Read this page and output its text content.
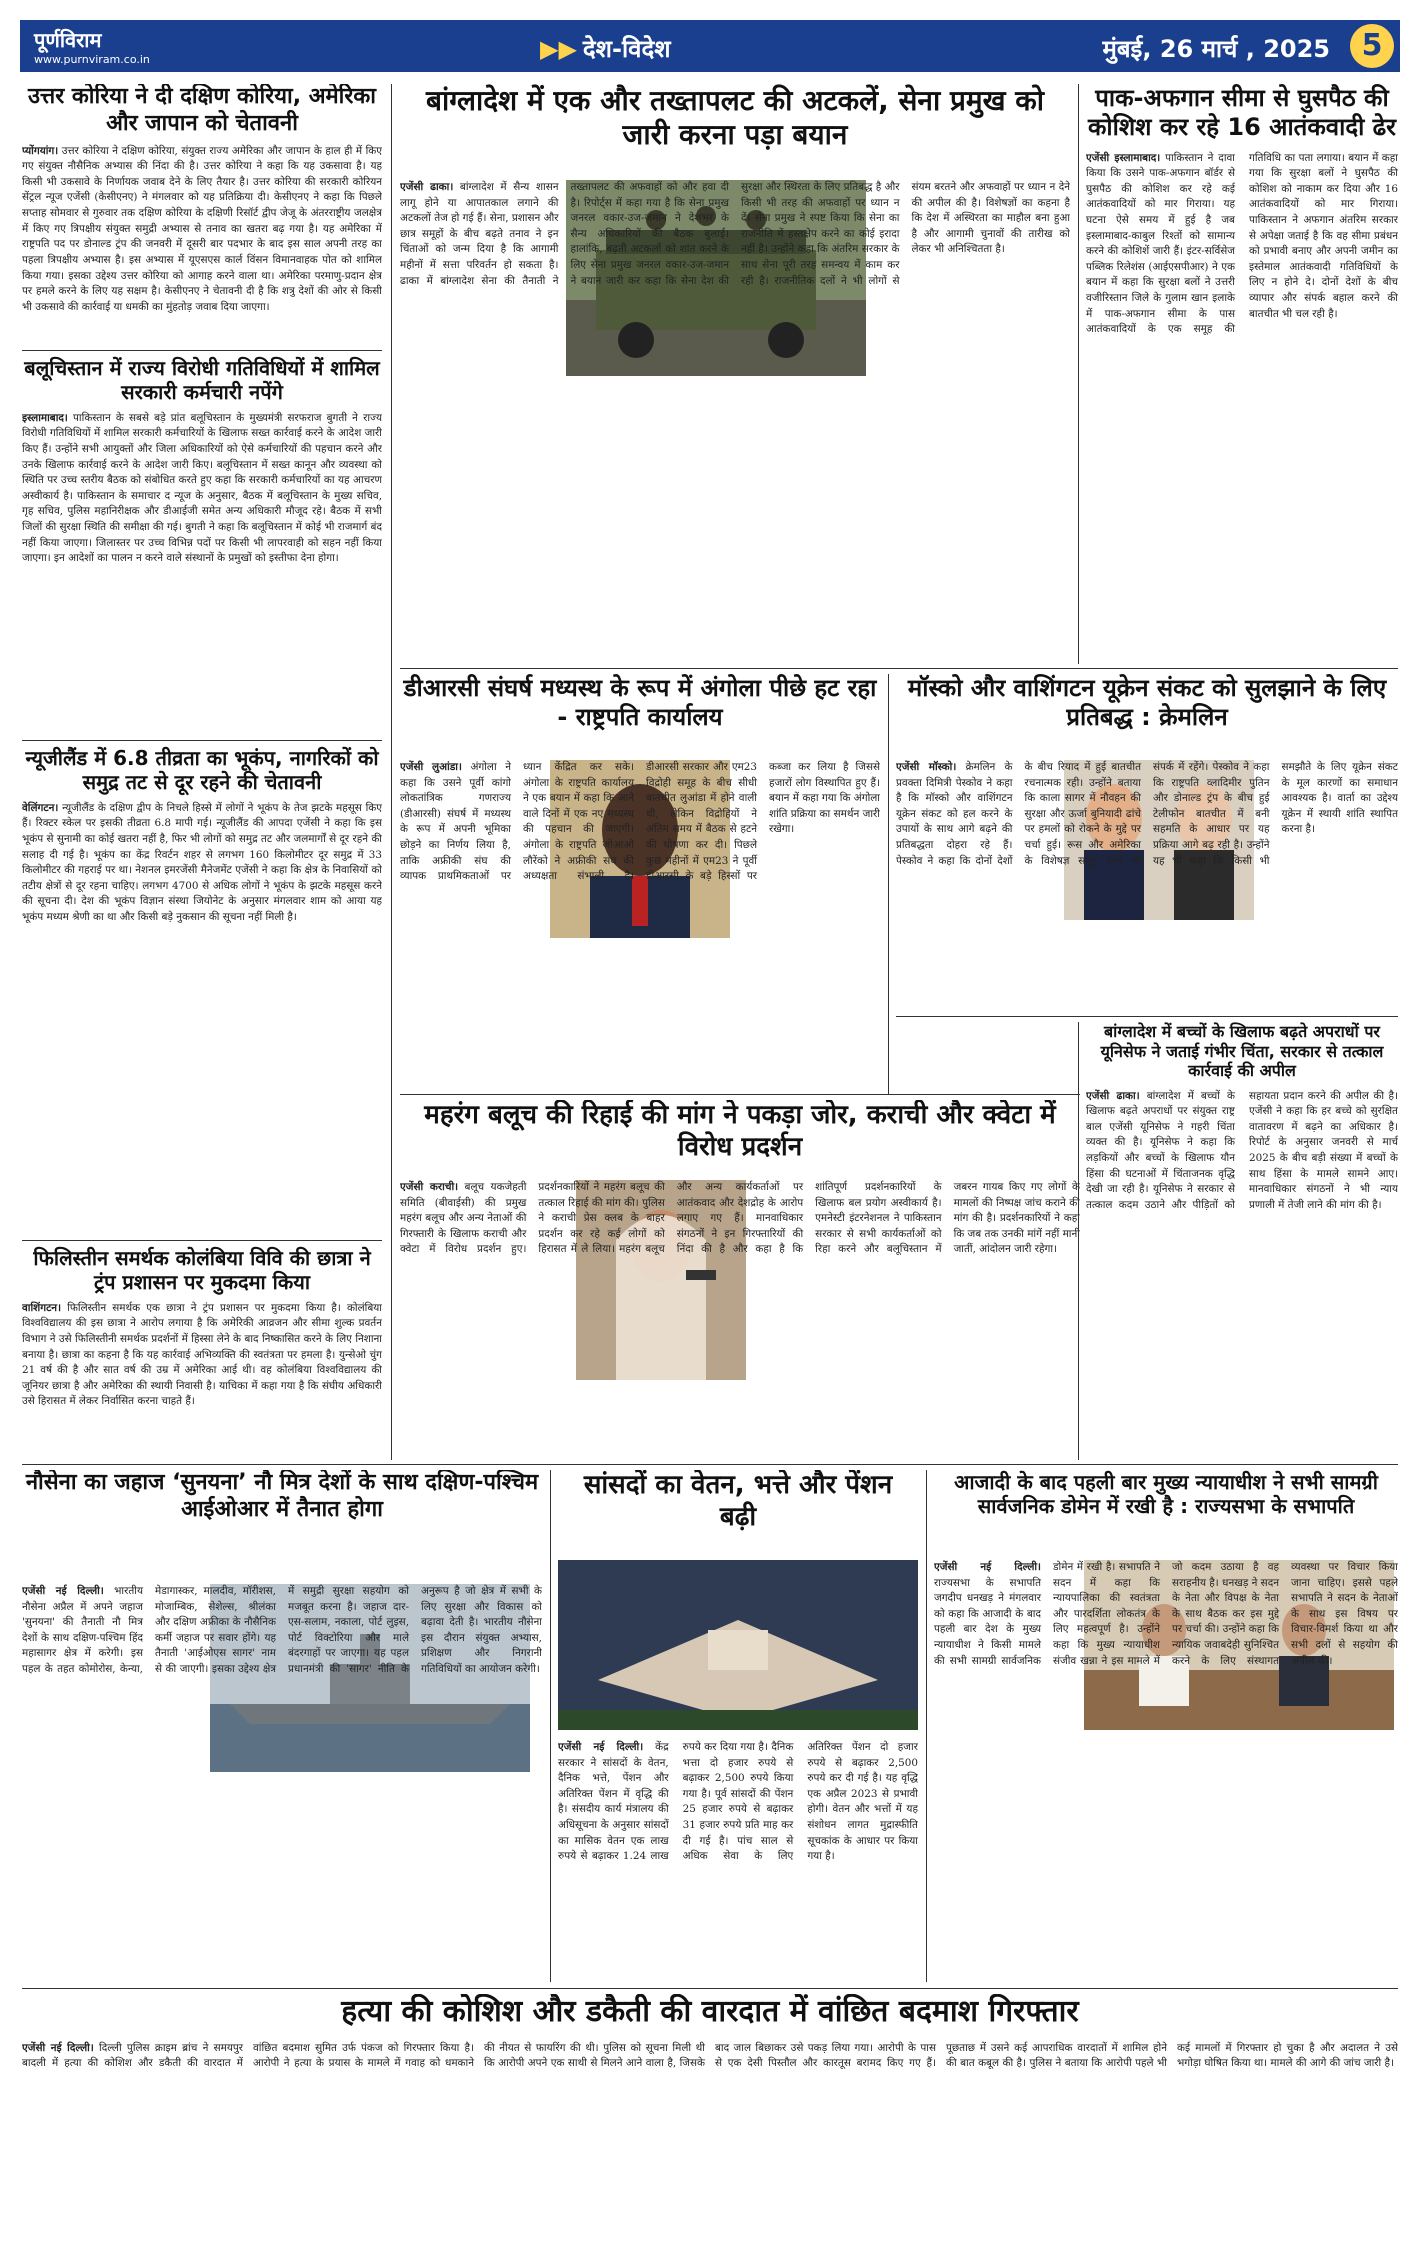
पूर्णविराम
www.purnviram.co.in	▶▶ देश-विदेश	मुंबई, 26 मार्च , 2025	5
उत्तर कोरिया ने दी दक्षिण कोरिया, अमेरिका और जापान को चेतावनी
प्योंगयांग। उत्तर कोरिया ने दक्षिण कोरिया, संयुक्त राज्य अमेरिका और जापान के हाल ही में किए गए संयुक्त नौसैनिक अभ्यास की निंदा की है। उत्तर कोरिया ने कहा कि यह उकसावा है। यह किसी भी उकसावे के निर्णायक जवाब देने के लिए तैयार है। उत्तर कोरिया की सरकारी कोरियन सेंट्रल न्यूज एजेंसी (केसीएनए) ने मंगलवार को यह प्रतिक्रिया दी। केसीएनए ने कहा कि पिछले सप्ताह सोमवार से गुरुवार तक दक्षिण कोरिया के दक्षिणी रिसॉर्ट द्वीप जेजू के अंतरराष्ट्रीय जलक्षेत्र में किए गए त्रिपक्षीय संयुक्त समुद्री अभ्यास से तनाव का खतरा बढ़ गया है। यह अमेरिका में राष्ट्रपति पद पर डोनाल्ड ट्रंप की जनवरी में दूसरी बार पदभार के बाद इस साल अपनी तरह का पहला त्रिपक्षीय अभ्यास है। इस अभ्यास में यूएसएस कार्ल विंसन विमानवाहक पोत को शामिल किया गया। इसका उद्देश्य उत्तर कोरिया को आगाह करने वाला था। अमेरिका परमाणु-प्रदान क्षेत्र पर हमले करने के लिए यह सक्षम है। केसीएनए ने चेतावनी दी है कि शत्रु देशों की ओर से किसी भी उकसावे की कार्रवाई या धमकी का मुंहतोड़ जवाब दिया जाएगा।
बलूचिस्तान में राज्य विरोधी गतिविधियों में शामिल सरकारी कर्मचारी नपेंगे
इस्लामाबाद। पाकिस्तान के सबसे बड़े प्रांत बलूचिस्तान के मुख्यमंत्री सरफराज बुगती ने राज्य विरोधी गतिविधियों में शामिल सरकारी कर्मचारियों के खिलाफ सख्त कार्रवाई करने के आदेश जारी किए हैं। उन्होंने सभी आयुक्तों और जिला अधिकारियों को ऐसे कर्मचारियों की पहचान करने और उनके खिलाफ कार्रवाई करने के आदेश जारी किए। बलूचिस्तान में सख्त कानून और व्यवस्था को स्थिति पर उच्च स्तरीय बैठक को संबोधित करते हुए कहा कि सरकारी कर्मचारियों का यह आचरण अस्वीकार्य है। पाकिस्तान के समाचार द न्यूज के अनुसार, बैठक में बलूचिस्तान के मुख्य सचिव, गृह सचिव, पुलिस महानिरीक्षक और डीआईजी समेत अन्य अधिकारी मौजूद रहे। बैठक में सभी जिलों की सुरक्षा स्थिति की समीक्षा की गई। बुगती ने कहा कि बलूचिस्तान में कोई भी राजमार्ग बंद नहीं किया जाएगा। जिलास्तर पर उच्च विभिन्न पदों पर किसी भी लापरवाही को सहन नहीं किया जाएगा। इन आदेशों का पालन न करने वाले संस्थानों के प्रमुखों को इस्तीफा देना होगा।
न्यूजीलैंड में 6.8 तीव्रता का भूकंप, नागरिकों को समुद्र तट से दूर रहने की चेतावनी
वेलिंगटन। न्यूजीलैंड के दक्षिण द्वीप के निचले हिस्से में लोगों ने भूकंप के तेज झटके महसूस किए हैं। रिक्टर स्केल पर इसकी तीव्रता 6.8 मापी गई। न्यूजीलैंड की आपदा एजेंसी ने कहा कि इस भूकंप से सुनामी का कोई खतरा नहीं है, फिर भी लोगों को समुद्र तट और जलमार्गों से दूर रहने की सलाह दी गई है। भूकंप का केंद्र रिवर्टन शहर से लगभग 160 किलोमीटर दूर समुद्र में 33 किलोमीटर की गहराई पर था। नेशनल इमरजेंसी मैनेजमेंट एजेंसी ने कहा कि क्षेत्र के निवासियों को तटीय क्षेत्रों से दूर रहना चाहिए। लगभग 4700 से अधिक लोगों ने भूकंप के झटके महसूस करने की सूचना दी। देश की भूकंप विज्ञान संस्था जियोनेट के अनुसार मंगलवार शाम को आया यह भूकंप मध्यम श्रेणी का था और किसी बड़े नुकसान की सूचना नहीं मिली है।
फिलिस्तीन समर्थक कोलंबिया विवि की छात्रा ने ट्रंप प्रशासन पर मुकदमा किया
वाशिंगटन। फिलिस्तीन समर्थक एक छात्रा ने ट्रंप प्रशासन पर मुकदमा किया है। कोलंबिया विश्वविद्यालय की इस छात्रा ने आरोप लगाया है कि अमेरिकी आव्रजन और सीमा शुल्क प्रवर्तन विभाग ने उसे फिलिस्तीनी समर्थक प्रदर्शनों में हिस्सा लेने के बाद निष्कासित करने के लिए निशाना बनाया है। छात्रा का कहना है कि यह कार्रवाई अभिव्यक्ति की स्वतंत्रता पर हमला है। युन्सेओ चुंग 21 वर्ष की है और सात वर्ष की उम्र में अमेरिका आई थी। वह कोलंबिया विश्वविद्यालय की जूनियर छात्रा है और अमेरिका की स्थायी निवासी है। याचिका में कहा गया है कि संघीय अधिकारी उसे हिरासत में लेकर निर्वासित करना चाहते हैं।
बांग्लादेश में एक और तख्तापलट की अटकलें, सेना प्रमुख को जारी करना पड़ा बयान
एजेंसी ढाका। बांग्लादेश में सैन्य शासन लागू होने या आपातकाल लगाने की अटकलों तेज हो गई हैं। सेना, प्रशासन और छात्र समूहों के बीच बढ़ते तनाव ने इन चिंताओं को जन्म दिया है कि आगामी महीनों में सत्ता परिवर्तन हो सकता है। ढाका में बांग्लादेश सेना की तैनाती ने तख्तापलट की अफवाहों को और हवा दी है। रिपोर्ट्स में कहा गया है कि सेना प्रमुख जनरल वकार-उज-जमान ने देशभर के सैन्य अधिकारियों की बैठक बुलाई। हालांकि, बढ़ती अटकलों को शांत करने के लिए सेना प्रमुख जनरल वकार-उज-जमान ने बयान जारी कर कहा कि सेना देश की सुरक्षा और स्थिरता के लिए प्रतिबद्ध है और किसी भी तरह की अफवाहों पर ध्यान न दें। सेना प्रमुख ने स्पष्ट किया कि सेना का राजनीति में हस्तक्षेप करने का कोई इरादा नहीं है। उन्होंने कहा कि अंतरिम सरकार के साथ सेना पूरी तरह समन्वय में काम कर रही है। राजनीतिक दलों ने भी लोगों से संयम बरतने और अफवाहों पर ध्यान न देने की अपील की है। विशेषज्ञों का कहना है कि देश में अस्थिरता का माहौल बना हुआ है और आगामी चुनावों की तारीख को लेकर भी अनिश्चितता है।
पाक-अफगान सीमा से घुसपैठ की कोशिश कर रहे 16 आतंकवादी ढेर
एजेंसी इस्लामाबाद। पाकिस्तान ने दावा किया कि उसने पाक-अफगान बॉर्डर से घुसपैठ की कोशिश कर रहे कई आतंकवादियों को मार गिराया। यह घटना ऐसे समय में हुई है जब इस्लामाबाद-काबुल रिश्तों को सामान्य करने की कोशिशें जारी हैं। इंटर-सर्विसेज पब्लिक रिलेशंस (आईएसपीआर) ने एक बयान में कहा कि सुरक्षा बलों ने उत्तरी वजीरिस्तान जिले के गुलाम खान इलाके में पाक-अफगान सीमा के पास आतंकवादियों के एक समूह की गतिविधि का पता लगाया। बयान में कहा गया कि सुरक्षा बलों ने घुसपैठ की कोशिश को नाकाम कर दिया और 16 आतंकवादियों को मार गिराया। पाकिस्तान ने अफगान अंतरिम सरकार से अपेक्षा जताई है कि वह सीमा प्रबंधन को प्रभावी बनाए और अपनी जमीन का इस्तेमाल आतंकवादी गतिविधियों के लिए न होने दे। दोनों देशों के बीच व्यापार और संपर्क बहाल करने की बातचीत भी चल रही है।
डीआरसी संघर्ष मध्यस्थ के रूप में अंगोला पीछे हट रहा - राष्ट्रपति कार्यालय
एजेंसी लुआंडा। अंगोला ने कहा कि उसने पूर्वी कांगो लोकतांत्रिक गणराज्य (डीआरसी) संघर्ष में मध्यस्थ के रूप में अपनी भूमिका छोड़ने का निर्णय लिया है, ताकि अफ्रीकी संघ की व्यापक प्राथमिकताओं पर ध्यान केंद्रित कर सके। अंगोला के राष्ट्रपति कार्यालय ने एक बयान में कहा कि आने वाले दिनों में एक नए मध्यस्थ की पहचान की जाएगी। अंगोला के राष्ट्रपति जोआओ लौरेंको ने अफ्रीकी संघ की अध्यक्षता संभाली है। डीआरसी सरकार और एम23 विद्रोही समूह के बीच सीधी बातचीत लुआंडा में होने वाली थी, लेकिन विद्रोहियों ने अंतिम समय में बैठक से हटने की घोषणा कर दी। पिछले कुछ महीनों में एम23 ने पूर्वी डीआरसी के बड़े हिस्सों पर कब्जा कर लिया है जिससे हजारों लोग विस्थापित हुए हैं। बयान में कहा गया कि अंगोला शांति प्रक्रिया का समर्थन जारी रखेगा।
मॉस्को और वाशिंगटन यूक्रेन संकट को सुलझाने के लिए प्रतिबद्ध : क्रेमलिन
एजेंसी मॉस्को। क्रेमलिन के प्रवक्ता दिमित्री पेस्कोव ने कहा है कि मॉस्को और वाशिंगटन यूक्रेन संकट को हल करने के उपायों के साथ आगे बढ़ने की प्रतिबद्धता दोहरा रहे हैं। पेस्कोव ने कहा कि दोनों देशों के बीच रियाद में हुई बातचीत रचनात्मक रही। उन्होंने बताया कि काला सागर में नौवहन की सुरक्षा और ऊर्जा बुनियादी ढांचे पर हमलों को रोकने के मुद्दे पर चर्चा हुई। रूस और अमेरिका के विशेषज्ञ समूह आगे भी संपर्क में रहेंगे। पेस्कोव ने कहा कि राष्ट्रपति व्लादिमीर पुतिन और डोनाल्ड ट्रंप के बीच हुई टेलीफोन बातचीत में बनी सहमति के आधार पर यह प्रक्रिया आगे बढ़ रही है। उन्होंने यह भी कहा कि किसी भी समझौते के लिए यूक्रेन संकट के मूल कारणों का समाधान आवश्यक है। वार्ता का उद्देश्य यूक्रेन में स्थायी शांति स्थापित करना है।
बांग्लादेश में बच्चों के खिलाफ बढ़ते अपराधों पर यूनिसेफ ने जताई गंभीर चिंता, सरकार से तत्काल कार्रवाई की अपील
एजेंसी ढाका। बांग्लादेश में बच्चों के खिलाफ बढ़ते अपराधों पर संयुक्त राष्ट्र बाल एजेंसी यूनिसेफ ने गहरी चिंता व्यक्त की है। यूनिसेफ ने कहा कि लड़कियों और बच्चों के खिलाफ यौन हिंसा की घटनाओं में चिंताजनक वृद्धि देखी जा रही है। यूनिसेफ ने सरकार से तत्काल कदम उठाने और पीड़ितों को सहायता प्रदान करने की अपील की है। एजेंसी ने कहा कि हर बच्चे को सुरक्षित वातावरण में बढ़ने का अधिकार है। रिपोर्ट के अनुसार जनवरी से मार्च 2025 के बीच बड़ी संख्या में बच्चों के साथ हिंसा के मामले सामने आए। मानवाधिकार संगठनों ने भी न्याय प्रणाली में तेजी लाने की मांग की है।
महरंग बलूच की रिहाई की मांग ने पकड़ा जोर, कराची और क्वेटा में विरोध प्रदर्शन
एजेंसी कराची। बलूच यकजेहती समिति (बीवाईसी) की प्रमुख महरंग बलूच और अन्य नेताओं की गिरफ्तारी के खिलाफ कराची और क्वेटा में विरोध प्रदर्शन हुए। प्रदर्शनकारियों ने महरंग बलूच की तत्काल रिहाई की मांग की। पुलिस ने कराची प्रेस क्लब के बाहर प्रदर्शन कर रहे कई लोगों को हिरासत में ले लिया। महरंग बलूच और अन्य कार्यकर्ताओं पर आतंकवाद और देशद्रोह के आरोप लगाए गए हैं। मानवाधिकार संगठनों ने इन गिरफ्तारियों की निंदा की है और कहा है कि शांतिपूर्ण प्रदर्शनकारियों के खिलाफ बल प्रयोग अस्वीकार्य है। एमनेस्टी इंटरनेशनल ने पाकिस्तान सरकार से सभी कार्यकर्ताओं को रिहा करने और बलूचिस्तान में जबरन गायब किए गए लोगों के मामलों की निष्पक्ष जांच कराने की मांग की है। प्रदर्शनकारियों ने कहा कि जब तक उनकी मांगें नहीं मानी जातीं, आंदोलन जारी रहेगा।
नौसेना का जहाज ‘सुनयना’ नौ मित्र देशों के साथ दक्षिण-पश्चिम आईओआर में तैनात होगा
एजेंसी नई दिल्ली। भारतीय नौसेना अप्रैल में अपने जहाज 'सुनयना' की तैनाती नौ मित्र देशों के साथ दक्षिण-पश्चिम हिंद महासागर क्षेत्र में करेगी। इस पहल के तहत कोमोरोस, केन्या, मेडागास्कर, मालदीव, मॉरीशस, मोजाम्बिक, सेशेल्स, श्रीलंका और दक्षिण अफ्रीका के नौसैनिक कर्मी जहाज पर सवार होंगे। यह तैनाती 'आईओएस सागर' नाम से की जाएगी। इसका उद्देश्य क्षेत्र में समुद्री सुरक्षा सहयोग को मजबूत करना है। जहाज दार-एस-सलाम, नकाला, पोर्ट लुइस, पोर्ट विक्टोरिया और माले बंदरगाहों पर जाएगा। यह पहल प्रधानमंत्री की 'सागर' नीति के अनुरूप है जो क्षेत्र में सभी के लिए सुरक्षा और विकास को बढ़ावा देती है। भारतीय नौसेना इस दौरान संयुक्त अभ्यास, प्रशिक्षण और निगरानी गतिविधियों का आयोजन करेगी।
सांसदों का वेतन, भत्ते और पेंशन बढ़ी
एजेंसी नई दिल्ली। केंद्र सरकार ने सांसदों के वेतन, दैनिक भत्ते, पेंशन और अतिरिक्त पेंशन में वृद्धि की है। संसदीय कार्य मंत्रालय की अधिसूचना के अनुसार सांसदों का मासिक वेतन एक लाख रुपये से बढ़ाकर 1.24 लाख रुपये कर दिया गया है। दैनिक भत्ता दो हजार रुपये से बढ़ाकर 2,500 रुपये किया गया है। पूर्व सांसदों की पेंशन 25 हजार रुपये से बढ़ाकर 31 हजार रुपये प्रति माह कर दी गई है। पांच साल से अधिक सेवा के लिए अतिरिक्त पेंशन दो हजार रुपये से बढ़ाकर 2,500 रुपये कर दी गई है। यह वृद्धि एक अप्रैल 2023 से प्रभावी होगी। वेतन और भत्तों में यह संशोधन लागत मुद्रास्फीति सूचकांक के आधार पर किया गया है।
आजादी के बाद पहली बार मुख्य न्यायाधीश ने सभी सामग्री सार्वजनिक डोमेन में रखी है : राज्यसभा के सभापति
एजेंसी नई दिल्ली। राज्यसभा के सभापति जगदीप धनखड़ ने मंगलवार को कहा कि आजादी के बाद पहली बार देश के मुख्य न्यायाधीश ने किसी मामले की सभी सामग्री सार्वजनिक डोमेन में रखी है। सभापति ने सदन में कहा कि न्यायपालिका की स्वतंत्रता और पारदर्शिता लोकतंत्र के लिए महत्वपूर्ण है। उन्होंने कहा कि मुख्य न्यायाधीश संजीव खन्ना ने इस मामले में जो कदम उठाया है वह सराहनीय है। धनखड़ ने सदन के नेता और विपक्ष के नेता के साथ बैठक कर इस मुद्दे पर चर्चा की। उन्होंने कहा कि न्यायिक जवाबदेही सुनिश्चित करने के लिए संस्थागत व्यवस्था पर विचार किया जाना चाहिए। इससे पहले सभापति ने सदन के नेताओं के साथ इस विषय पर विचार-विमर्श किया था और सभी दलों से सहयोग की अपील की।
हत्या की कोशिश और डकैती की वारदात में वांछित बदमाश गिरफ्तार
एजेंसी नई दिल्ली। दिल्ली पुलिस क्राइम ब्रांच ने समयपुर बादली में हत्या की कोशिश और डकैती की वारदात में वांछित बदमाश सुमित उर्फ पंकज को गिरफ्तार किया है। आरोपी ने हत्या के प्रयास के मामले में गवाह को धमकाने की नीयत से फायरिंग की थी। पुलिस को सूचना मिली थी कि आरोपी अपने एक साथी से मिलने आने वाला है, जिसके बाद जाल बिछाकर उसे पकड़ लिया गया। आरोपी के पास से एक देसी पिस्तौल और कारतूस बरामद किए गए हैं। पूछताछ में उसने कई आपराधिक वारदातों में शामिल होने की बात कबूल की है। पुलिस ने बताया कि आरोपी पहले भी कई मामलों में गिरफ्तार हो चुका है और अदालत ने उसे भगोड़ा घोषित किया था। मामले की आगे की जांच जारी है।
